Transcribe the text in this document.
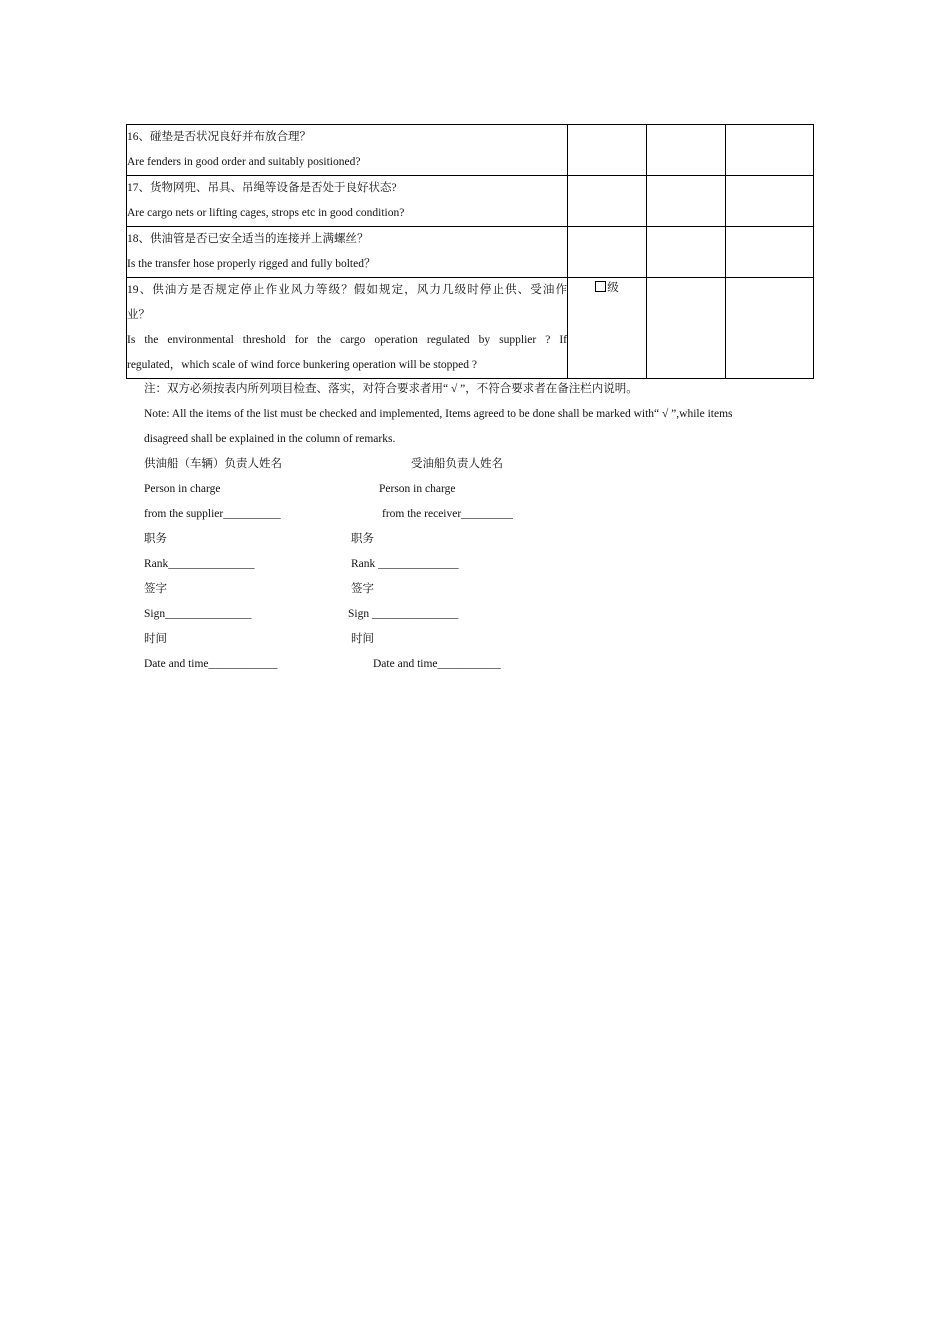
16、碰垫是否状况良好并布放合理？
Are fenders in good order and suitably positioned?			

17、货物网兜、吊具、吊绳等设备是否处于良好状态?
Are cargo nets or lifting cages, strops etc in good condition?			

18、供油管是否已安全适当的连接并上满螺丝？
Is the transfer hose properly rigged and fully bolted？			

19、供油方是否规定停止作业风力等级？假如规定，风力几级时停止供、受油作
业？
Is the environmental threshold for the cargo operation regulated by supplier ? If
regulated，which scale of wind force bunkering operation will be stopped ?	级		
注：双方必须按表内所列项目检查、落实，对符合要求者用“ √ ”，不符合要求者在备注栏内说明。
Note: All the items of the list must be checked and implemented, Items agreed to be done shall be marked with“ √ ”,while items
disagreed shall be explained in the column of remarks.
供油船（车辆）负责人姓名
Person in charge
from the supplier__________
职务
Rank_______________
签字
Sign_______________
时间
Date and time____________
受油船负责人姓名
Person in charge
from the receiver_________
职务
Rank ______________
签字
Sign _______________
时间
Date and time___________
